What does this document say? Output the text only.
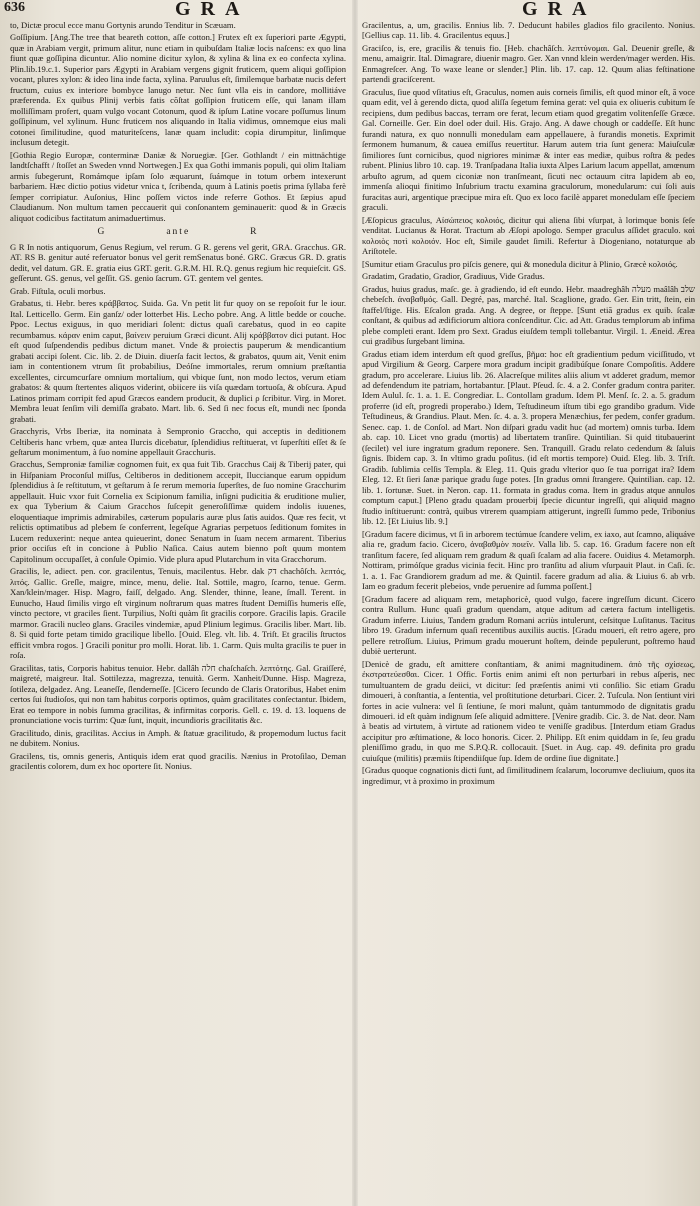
636	GRA	GRA

to, Dictæ procul ecce manu Gortynis arundo Tenditur in Scæuam.

Goſſipium. [Ang.The tree that beareth cotton, aſſe cotton.] Frutex eſt ex ſuperiori parte Ægypti, quæ in Arabiam vergit, primum alitur, nunc etiam in quibuſdam Italiæ locis naſcens: ex quo lina fiunt quæ goſſipina dicuntur. Alio nomine dicitur xylon, & xylina & lina ex eo confecta xylina. Plin.lib.19.c.1. Superior pars Ægypti in Arabiam vergens gignit fruticem, quem aliqui goſſipion vocant, plures xylon: & ideo lina inde facta, xylina. Paruulus eſt, ſimilemque barbatæ nucis defert fructum, cuius ex interiore bombyce lanugo netur. Nec ſunt vlla eis in candore, mollitiáve præferenda. Ex quibus Plinij verbis fatis cõſtat goſſipion fruticem eſſe, qui lanam illam molliſſimam profert, quam vulgo vocant Cotonum, quod & ipſum Latine vocare poſſumus linum goſſipinum, vel xylinum. Hunc fruticem nos aliquando in Italia vidimus, omnemque eius mali cotonei ſimilitudine, quod maturiteſcens, lanæ quam includit: copia dirumpitur, linſimque inclusum detegit.

[Gothia Regio Europæ, conterminæ Daniæ & Noruegiæ. [Ger. Gothlandt / ein mittnächtige landtſchafft / ſtoſſet an Sweden vnnd Nortwegen.] Ex qua Gothi immanis populi, qui olim Italiam armis ſubegerunt, Romámque ipſam ſolo æquarunt, ſuámque in totum orbem intexerunt barbariem. Hæc dictio potius videtur vnica t, ſcribenda, quum à Latinis poetis prima ſyllaba ferè ſemper corripiatur. Auſonius, Hinc poſſem victos inde referre Gothos. Et ſæpius apud Claudianum. Non multum tamen peccauerit qui conſonantem geminauerit: quod & in Græcis aliquot codicibus factitatum animaduertimus.

G	ante	R

G R In notis antiquorum, Genus Regium, vel rerum. G R. gerens vel gerit, GRA. Gracchus. GR. AT. RS B. genitur auté referuator bonus vel gerit remSenatus boné. GRC. Græcus GR. D. gratis dedit, vel datum. GR. E. gratia eius GRT. gerit. G.R.M. HI. R.Q. genus regium hic requieſcit. GS. geſſerunt. GS. genus, vel geſſit. GS. genio ſacrum. GT. gentem vel gentes.

Grab. Fiſtula, oculi morbus.

Grabatus, ti. Hebr. beres κράββατος. Suida. Ga. Vn petit lit fur quoy on se repoſoit fur le iour. Ital. Letticello. Germ. Ein ganſz/ oder lotterbet His. Lecho pobre. Ang. A little bedde or couche. Ppoc. Lectus exiguus, in quo meridiari ſolent: dictus quaſi carebatus, quod in eo capite recumbamus. κάραν enim caput, βαίνειν peruium Græci dicunt. Alij κράββατον dici putant. Hoc eſt quod ſuſpendendis pedibus dictum manet. Vnde & proiectis pauperum & mendicantium grabati accipi ſolent. Cic. lib. 2. de Diuin. diuerſa facit lectos, & grabatos, quum ait, Venit enim iam in contentionem vtrum ſit probabilius, Deóſne immortales, rerum omnium præſtantia excellentes, circumcurſare omnium mortalium, qui vbique ſunt, non modo lectos, verum etiam grabatos: & quum ſtertentes aliquos viderint, obiicere iis viſa quædam tortuoſa, & obſcura. Apud Latinos primam corripit fed apud Græcos eandem producit, & duplici ρ ſcribitur. Virg. in Moret. Membra leuat ſenſim vili demiſſa grabato. Mart. lib. 6. Sed ſi nec focus eſt, mundi nec ſponda grabati.

Gracchyris, Vrbs Iberiæ, ita nominata à Sempronio Graccho, qui acceptis in deditionem Celtiberis hanc vrbem, quæ antea Ilurcis dicebatur, ſplendidius reſtituerat, vt ſuperſtiti eſſet & ſe geſtarum monimentum, à ſuo nomine appellauit Gracchuris.

Gracchus, Semproniæ familiæ cognomen fuit, ex qua fuit Tib. Gracchus Caij & Tiberij pater, qui in Hiſpaniam Proconſul miſſus, Celtiberos in deditionem accepit, Iluccianque earum oppidum ſplendidius à ſe reſtitutum, vt geſtarum à ſe rerum memoria ſuperſtes, de ſuo nomine Gracchurim appellauit. Huic vxor fuit Cornelia ex Scipionum familia, inſigni pudicitia & eruditione mulier, ex qua Tyberium & Caium Gracchos ſuſcepit generoſiſſimæ quidem indolis iuuenes, eloquentiaque imprimis admirabiles, cæterum popularis auræ plus ſatis auidos. Quæ res fecit, vt relictis optimatibus ad plebem ſe conferrent, legeſque Agrarias perpetuos ſeditionum fomites in Lucem reduxerint: neque antea quieuerint, donec Senatum in ſuam necem armarent. Tiberius prior occiſus eſt in concione à Publio Naſica. Caius autem bienno poſt quum montem Capitolinum occupaſſet, à conſule Opimio. Vide plura apud Plutarchum in vita Gracchorum.

Gracilis, le, adiect. pen. cor. gracilentus, Tenuis, macilentus. Hebr. dak דק chachôſch. λεπτός, λιτός. Gallic. Greſle, maigre, mince, menu, delie. Ital. Sottile, magro, ſcarno, tenue. Germ. Xan/klein/mager. Hisp. Magro, faiſſ, delgado. Ang. Slender, thinne, leane, ſmall. Terent. in Eunucho, Haud ſimilis virgo eſt virginum noſtrarum quas matres ſtudent Demiſſis humeris eſſe, vincto pectore, vt graciles ſient. Turpilius, Noſti quàm ſit gracilis corpore. Gracilis lapis. Gracile marmor. Gracili nucleo glans. Graciles vindemiæ, apud Plinium legimus. Gracilis liber. Mart. lib. 8. Si quid forte petam timido gracilique libello. [Ouid. Eleg. vlt. lib. 4. Triſt. Et gracilis ſtructos efficit vmbra rogos. ] Gracili ponitur pro molli. Horat. lib. 1. Carm. Quis multa gracilis te puer in roſa.

Gracilitas, tatis, Corporis habitus tenuior. Hebr. dallâh חלה chaſchaſch. λεπτότης. Gal. Graiſſeré, maigreté, maigreur. Ital. Sottilezza, magrezza, tenuità. Germ. Xanheit/Dunne. Hisp. Magreza, ſotileza, delgadez. Ang. Leaneſſe, ſlenderneſſe. [Cicero ſecundo de Claris Oratoribus, Habet enim certos ſui ſtudioſos, qui non tam habitus corporis optimos, quàm gracilitates conſectantur. Ibidem, Erat eo tempore in nobis ſumma gracilitas, & infirmitas corporis. Gell. c. 19. d. 13. loquens de pronunciatione vocis turrim: Quæ ſunt, inquit, incundioris gracilitatis &c.

Gracilitudo, dinis, gracilitas. Accius in Amph. & ſtatuæ gracilitudo, & propemodum luctus facit ne dubitem. Nonius.

Gracilens, tis, omnis generis, Antiquis idem erat quod gracilis. Nænius in Protoſilao, Deman gracilentis colorem, dum ex hoc oportere ſit. Nonius.

Gracilentus, a, um, gracilis. Ennius lib. 7. Deducunt habiles gladios filo gracilento. Nonius. [Gellius cap. 11. lib. 4. Gracilentus equus.]

Graciſco, is, ere, gracilis & tenuis fio. [Heb. chachâſch. λεπτύνομαι. Gal. Deuenir greſle, & menu, amaigrir. Ital. Dimagrare, diuenir magro. Ger. Xan vnnd klein werden/mager werden. His. Enmagreſcer. Ang. To waxe leane or slender.] Plin. lib. 17. cap. 12. Quum alias feſtinatione partendi graciſcerent.

Graculus, ſiue quod vſitatius eſt, Graculus, nomen auis corneis ſimilis, eſt quod minor eſt, ā voce quam edit, vel à gerendo dicta, quod aliſſa ſegetum femina gerat: vel quia ex oliueris cubitum ſe recipiens, dum pedibus baccas, terram ore ferat, lecum etiam quod gregatim volitenſeſſe Græce. Gal. Corneille. Ger. Ein doel oder duil. His. Grajo. Ang. A dawe chough or caddeſſe. Eſt hunc furandi natura, ex quo nonnulli monedulam eam appellauere, à furandis monetis. Exprimit ſermonem humanum, & cauea emiſſus reuertitur. Harum autem tria ſunt genera: Maiuſculæ ſimiliores ſunt cornicibus, quod nigriores minimæ & inter eas mediæ, quibus roſtra & pedes rubent. Plinius libro 10. cap. 19. Tranſpadana Italia iuxta Alpes Larium lacum appellat, amœnum arbuſto agrum, ad quem ciconiæ non tranſmeant, ſicuti nec octauum citra lapidem ab eo, immenſa alioqui finitimo Inſubrium tractu examina graculorum, monedularum: cui ſoli auis furacitas auri, argentique præcipue mira eſt. Quo ex loco facilè apparet monedulam eſſe ſpeciem graculi.

[Æſopicus graculus, Αἰσώπειος κολοιός, dicitur qui aliena ſibi vſurpat, à lorimque bonis ſeſe venditat. Lucianus & Horat. Tractum ab Æſopi apologo. Semper graculus aſſidet graculo. καὶ κολοιὸς ποτὶ κολοιόν. Hoc eſt, Simile gaudet ſimili. Refertur à Diogeniano, notaturque ab Ariſtotele.

[Sumitur etiam Graculus pro piſcis genere, qui & monedula dicitur à Plinio, Græcè κολοιός.

Gradatim, Gradatio, Gradior, Gradiuus, Vide Gradus.

Gradus, huius gradus, maſc. ge. à gradiendo, id eſt eundo. Hebr. maadreghâh מעלה maâlâh שלב chebeſch. ἀναβαθμός. Gall. Degré, pas, marché. Ital. Scaglione, grado. Ger. Ein tritt, ſtein, ein ſtaffel/ſtige. His. Eſcalon grada. Ang. A degree, or ſteppe. [Sunt etiā gradus ex quib. ſcalæ conſtant, & quibus ad ædificiorum altiora conſcenditur. Cic. ad Att. Gradus templorum ab infima plebe completi erant. Idem pro Sext. Gradus eiuſdem templi tollebantur. Virgil. 1. Æneid. Ærea cui gradibus ſurgebant limina.

Gradus etiam idem interdum eſt quod greſſus, βῆμα: hoc eſt gradientium pedum viciſſitudo, vt apud Virgilium & Georg. Carpere mora gradum incipit gradibúſque ſonare Compoſitis. Addere gradum, pro accelerare. Liuius lib. 26. Alacreſque milites aliis alium vt adderet gradum, memor ad defendendum ite patriam, hortabantur. [Plaut. Pſeud. ſc. 4. a 2. Confer gradum contra pariter. Idem Aulul. ſc. 1. a. 1. E. Congrediar. L. Contollam gradum. Idem Pl. Menſ. ſc. 2. a. 5. gradum proferre (id eſt, progredi properabo.) Idem, Teſtudineum iſtum tibi ego grandibo gradum. Vide Teſtudineus, & Grandius. Plaut. Men. ſc. 4. a. 3. propera Menæchius, fer pedem, confer gradum. Senec. cap. 1. de Conſol. ad Mart. Non diſpari gradu vadit huc (ad mortem) omnis turba. Idem ab. cap. 10. Licet vno gradu (mortis) ad libertatem tranſire. Quintilian. Si quid titubauerint (ſecilet) vel iure ingratum gradum reponere. Sen. Tranquill. Gradu relato cedendum & ſaluis ſignis. Ibidem cap. 3. In vltimo gradu poſitus. (id eſt mortis tempore) Ouid. Eleg. lib. 3. Triſt. Gradib. ſublimia celſis Templa. & Eleg. 11. Quis gradu vlterior quo ſe tua porrigat ira? Idem Eleg. 12. Et ſieri ſanæ parique gradu ſuge potes. [In gradus omni ſtrangere. Quintilian. cap. 12. lib. 1. ſortunæ. Suet. in Neron. cap. 11. formata in gradus coma. Item in gradus atque annulos comptum caput.] [Pleno gradu quadam prouerbij ſpecie dicuntur ingreſſi, qui aliquid magno ſtudio inſtituerunt: contrà, quibus vtrerem quampiam attigerunt, ingreſſi ſummo pede, Tribonius lib. 12. [Et Liuius lib. 9.]

[Gradum facere dicimus, vt ſi in arborem tectúmue ſcandere velim, ex iaxo, aut ſcamno, aliquáve alia re, gradum facio. Cicero, ἀναβαθμὸν ποιεῖν. Valla lib. 5. cap. 16. Gradum facere non eſt tranſitum facere, ſed aliquam rem gradum & quaſi ſcalam ad alia facere. Ouidius 4. Metamorph. Nottiram, primóſque gradus vicinia fecit. Hinc pro tranſitu ad alium vſurpauit Plaut. in Caſi. ſc. 1. a. 1. Fac Grandiorem gradum ad me. & Quintil. facere gradum ad alia. & Liuius 6. ab vrb. Iam eo gradum fecerit plebeios, vnde peruenire ad ſumma poſſent.]

[Gradum facere ad aliquam rem, metaphoricè, quod vulgo, facere ingreſſum dicunt. Cicero contra Rullum. Hunc quaſi gradum quendam, atque aditum ad cætera factum intelligetis. Gradum inferre. Liuius, Tandem gradum Romani acriùs intulerunt, ceſsitque Luſitanus. Tacitus libro 19. Gradum infernum quaſi recentibus auxiliis auctis. [Gradu moueri, eſt retro agere, pro pellere retroſſum. Liuius, Primum gradu mouerunt hoſtem, deinde pepulerunt, poſtremo haud dubiè uerterunt.

[Denicè de gradu, eſt amittere conſtantiam, & animi magnitudinem. ἀπὸ τῆς σχίσεως, ἐκστρατεύεσθαι. Cicer. 1 Offic. Fortis enim animi eſt non perturbari in rebus aſperis, nec tumultuantem de gradu deiici, vt dicitur: ſed præſentis animi vti conſilio. Sic etiam Gradu dimoueri, à conſtantia, a ſententia, vel proſtitutione deturbari. Cicer. 2. Tuſcula. Non ſentiunt viri fortes in acie vulnera: vel ſi ſentiune, ſe mori malunt, quàm tantummodo de dignitatis gradu dimoueri. id eſt quàm indignum ſeſe aliquid admittere. [Venire gradib. Cic. 3. de Nat. deor. Nam à beatis ad virtutem, à virtute ad rationem video te veniſſe gradibus. [Interdum etiam Gradus accipitur pro æſtimatione, & loco honoris. Cicer. 2. Philipp. Eſt enim quiddam in ſe, ſeu gradu pleniſſimo gradu, in quo me S.P.Q.R. collocauit. [Suet. in Aug. cap. 49. definita pro gradu cuiuſque (militis) præmiis ſtipendiiſque ſup. Idem de ordine ſiue dignitate.]

[Gradus quoque cognationis dicti ſunt, ad ſimilitudinem ſcalarum, locorumve decliuium, quos ita ingredimur, vt à proximo in proximum
